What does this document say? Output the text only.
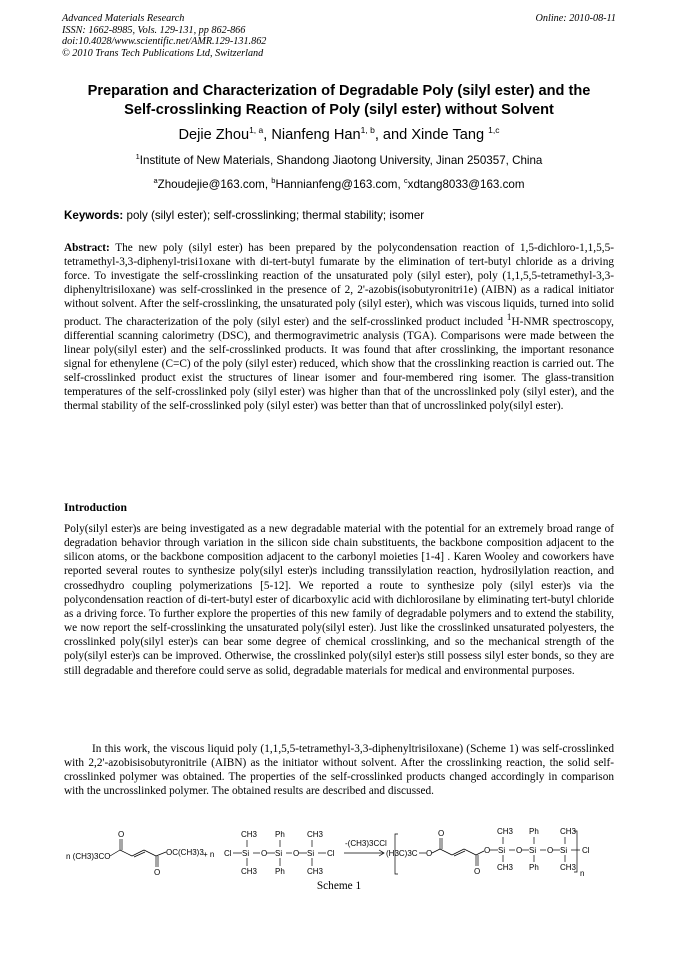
Advanced Materials Research
ISSN: 1662-8985, Vols. 129-131, pp 862-866
doi:10.4028/www.scientific.net/AMR.129-131.862
© 2010 Trans Tech Publications Ltd, Switzerland
Online: 2010-08-11
Preparation and Characterization of Degradable Poly (silyl ester) and the
Self-crosslinking Reaction of Poly (silyl ester) without Solvent
Dejie Zhou$^{1, a}$, Nianfeng Han$^{1, b}$, and Xinde Tang $^{1,c}$
$^1$Institute of New Materials, Shandong Jiaotong University, Jinan 250357, China
$^a$Zhoudejie@163.com, $^b$Hannianfeng@163.com, $^c$xdtang8033@163.com
Keywords: poly (silyl ester); self-crosslinking; thermal stability; isomer
Abstract: The new poly (silyl ester) has been prepared by the polycondensation reaction of 1,5-dichloro-1,1,5,5-tetramethyl-3,3-diphenyl-trisi1oxane with di-tert-butyl fumarate by the elimination of tert-butyl chloride as a driving force. To investigate the self-crosslinking reaction of the unsaturated poly (silyl ester), poly (1,1,5,5-tetramethyl-3,3-diphenyltrisiloxane) was self-crosslinked in the presence of 2, 2'-azobis(isobutyronitri1e) (AIBN) as a radical initiator without solvent. After the self-crosslinking, the unsaturated poly (silyl ester), which was viscous liquids, turned into solid product. The characterization of the poly (silyl ester) and the self-crosslinked product included $^1$H-NMR spectroscopy, differential scanning calorimetry (DSC), and thermogravimetric analysis (TGA). Comparisons were made between the linear poly(silyl ester) and the self-crosslinked products. It was found that after crosslinking, the important resonance signal for ethenylene (C=C) of the poly (silyl ester) reduced, which show that the crosslinking reaction is carried out. The self-crosslinked product exist the structures of linear isomer and four-membered ring isomer. The glass-transition temperatures of the self-crosslinked poly (silyl ester) was higher than that of the uncrosslinked poly (silyl ester), and the thermal stability of the self-crosslinked poly (silyl ester) was better than that of uncrosslinked poly(silyl ester).
Introduction
Poly(silyl ester)s are being investigated as a new degradable material with the potential for an extremely broad range of degradation behavior through variation in the silicon side chain substituents, the backbone composition adjacent to the silicon atoms, or the backbone composition adjacent to the carbonyl moieties [1-4] . Karen Wooley and coworkers have reported several routes to synthesize poly(silyl ester)s including transsilylation reaction, hydrosilylation reaction, and crossedhydro coupling polymerizations [5-12]. We reported a route to synthesize poly (silyl ester)s via the polycondensation reaction of di-tert-butyl ester of dicarboxylic acid with dichlorosilane by eliminating tert-butyl chloride as a driving force. To further explore the properties of this new family of degradable polymers and to extend the stability, we now report the self-crosslinking the unsaturated poly(silyl ester). Just like the crosslinked unsaturated polyesters, the crosslinked poly(silyl ester)s can bear some degree of chemical crosslinking, and so the mechanical strength of the poly(silyl ester)s can be improved. Otherwise, the crosslinked poly(silyl ester)s still possess silyl ester bonds, so they are still degradable and therefore could serve as solid, degradable materials for medical and environmental purposes.
In this work, the viscous liquid poly (1,1,5,5-tetramethyl-3,3-diphenyltrisiloxane) (Scheme 1) was self-crosslinked with 2,2'-azobisisobutyronitrile (AIBN) as the initiator without solvent. After the crosslinking reaction, the solid self-crosslinked polymer was obtained. The properties of the self-crosslinked products changed accordingly in comparison with the uncrosslinked polymer. The obtained results are described and discussed.
n (CH3)3CO
O
O
OC(CH3)3 + n Cl Si O Si O Si Cl
CH3
CH3
Ph
Ph
CH3
CH3
-(CH3)3CCl
(H3C)3C O
O
O
O Si O Si O Si Cl
CH3
CH3
Ph
Ph
CH3
CH3
n
Scheme 1
